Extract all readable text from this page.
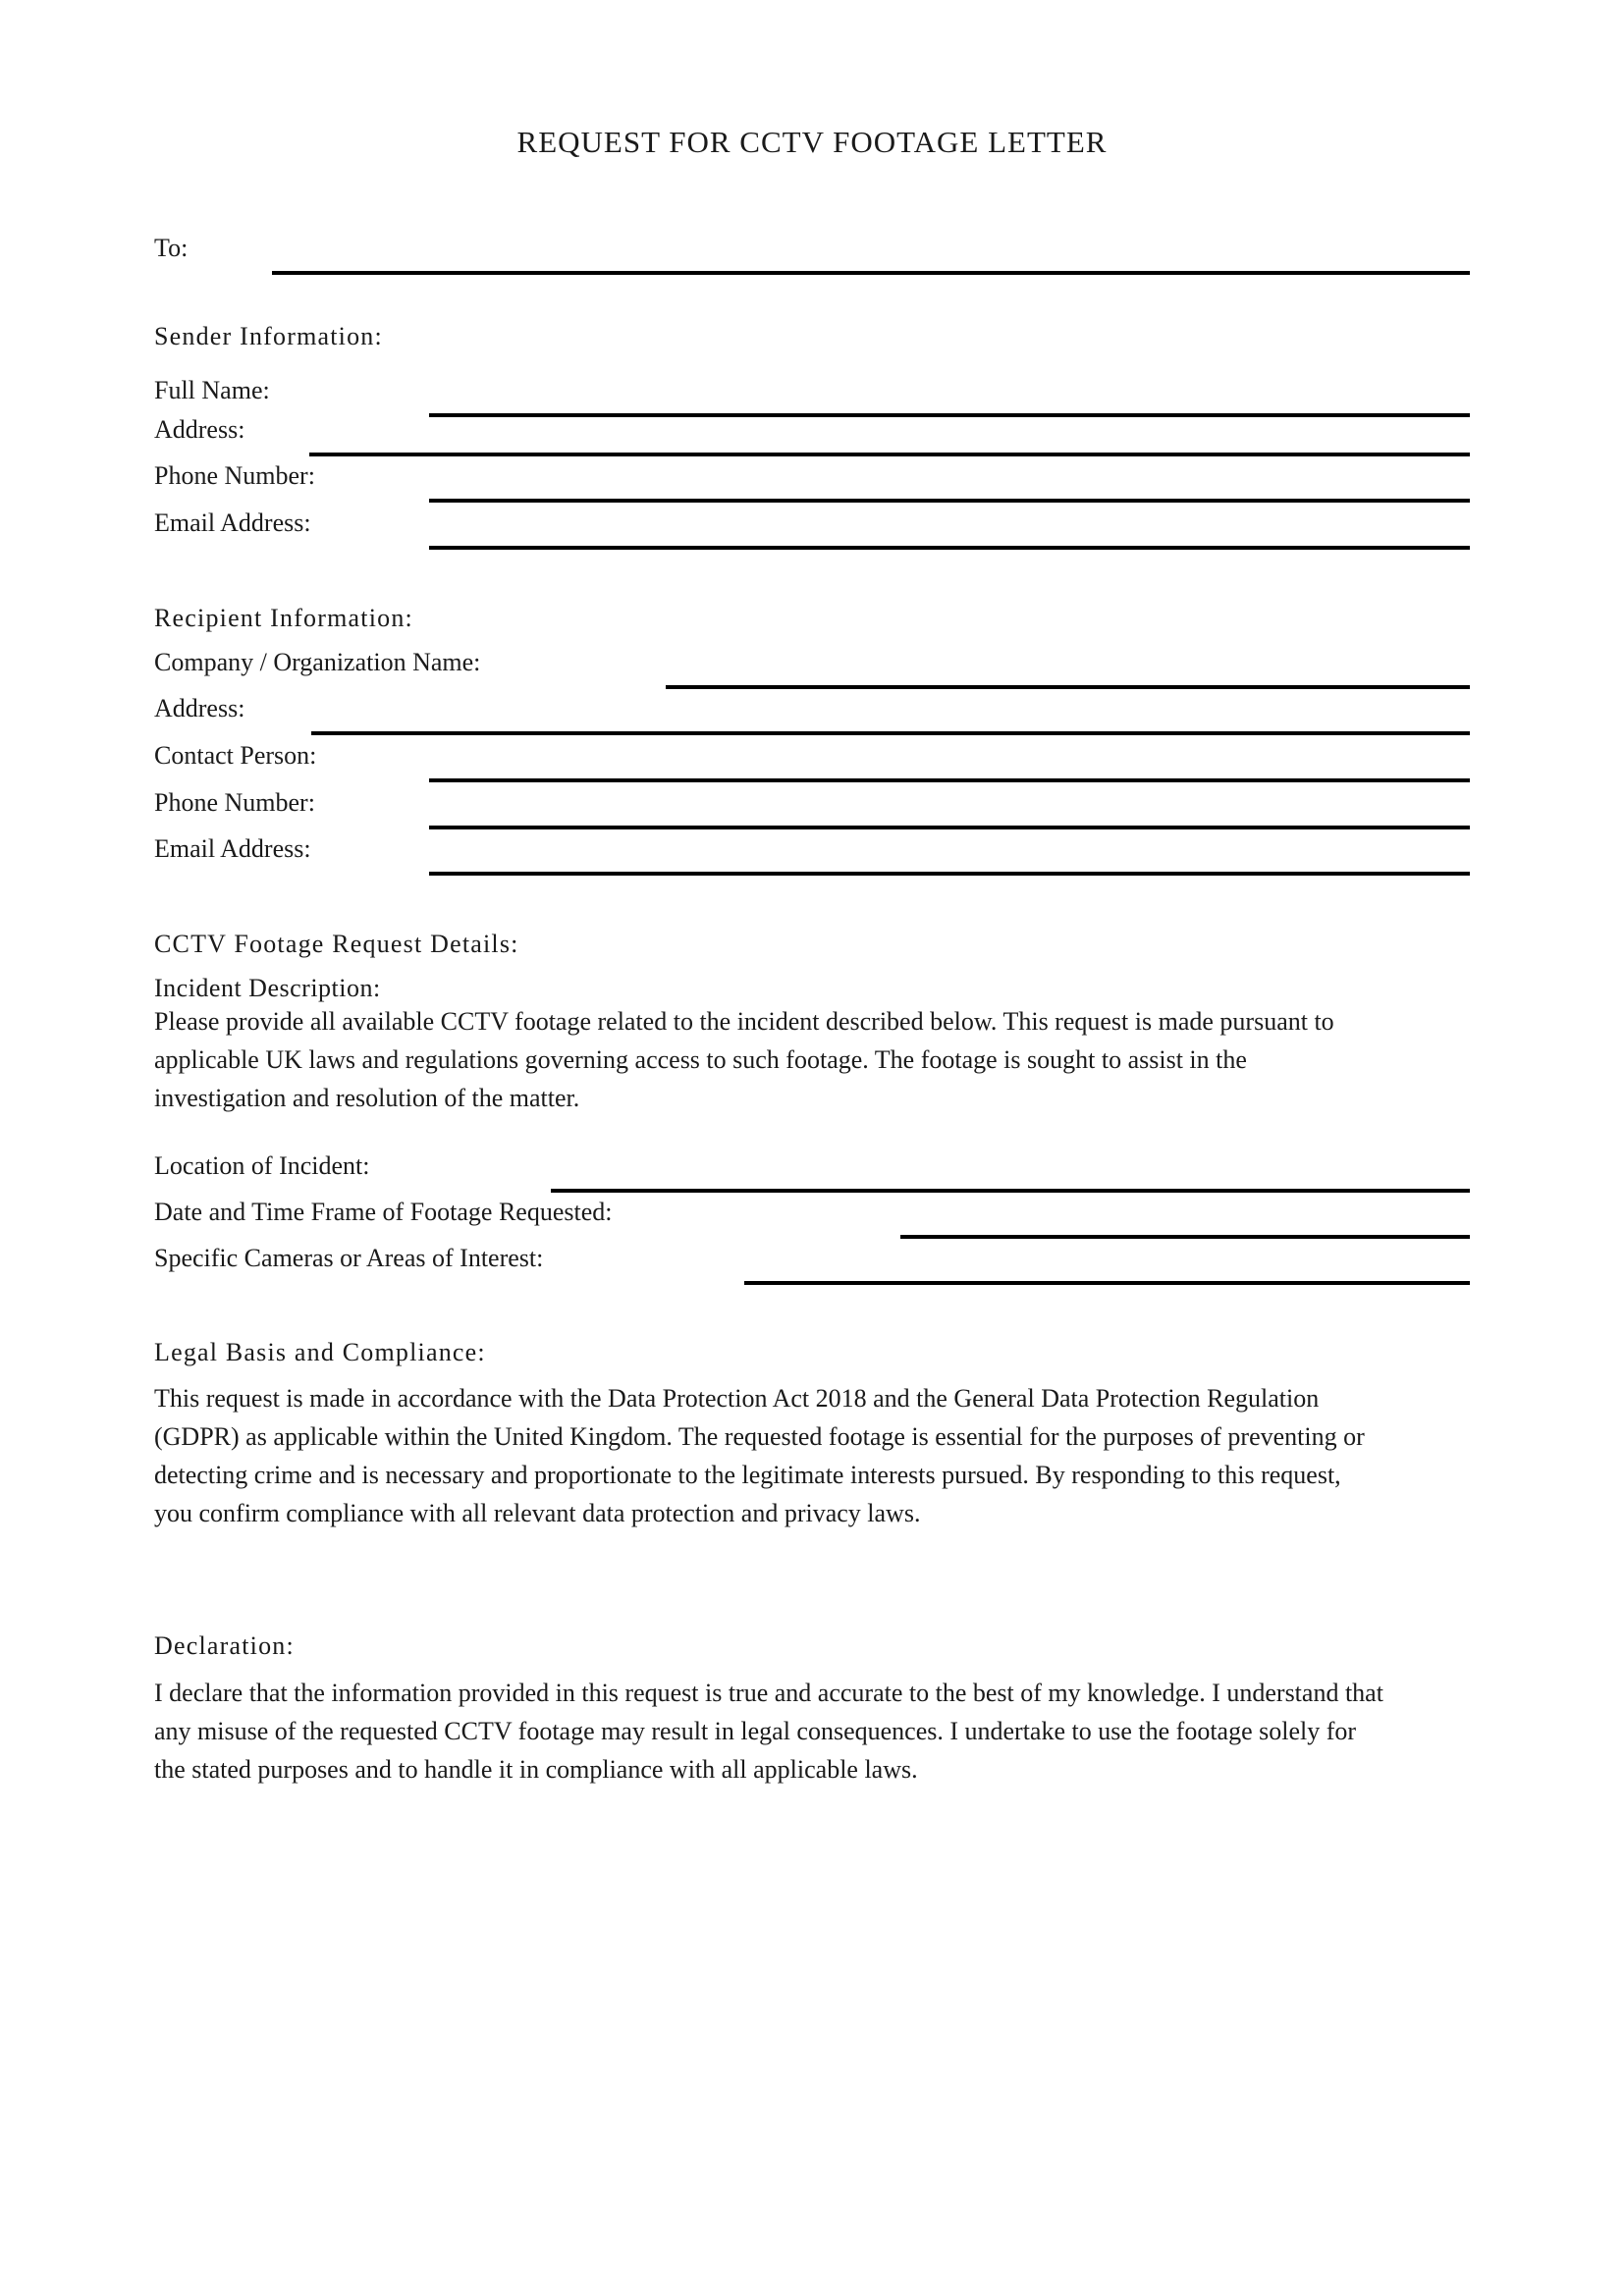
REQUEST FOR CCTV FOOTAGE LETTER
To:
Sender Information:
Full Name:
Address:
Phone Number:
Email Address:
Recipient Information:
Company / Organization Name:
Address:
Contact Person:
Phone Number:
Email Address:
CCTV Footage Request Details:
Incident Description:
Please provide all available CCTV footage related to the incident described below. This request is made pursuant to
applicable UK laws and regulations governing access to such footage. The footage is sought to assist in the
investigation and resolution of the matter.
Location of Incident:
Date and Time Frame of Footage Requested:
Specific Cameras or Areas of Interest:
Legal Basis and Compliance:
This request is made in accordance with the Data Protection Act 2018 and the General Data Protection Regulation
(GDPR) as applicable within the United Kingdom. The requested footage is essential for the purposes of preventing or
detecting crime and is necessary and proportionate to the legitimate interests pursued. By responding to this request,
you confirm compliance with all relevant data protection and privacy laws.
Declaration:
I declare that the information provided in this request is true and accurate to the best of my knowledge. I understand that
any misuse of the requested CCTV footage may result in legal consequences. I undertake to use the footage solely for
the stated purposes and to handle it in compliance with all applicable laws.
